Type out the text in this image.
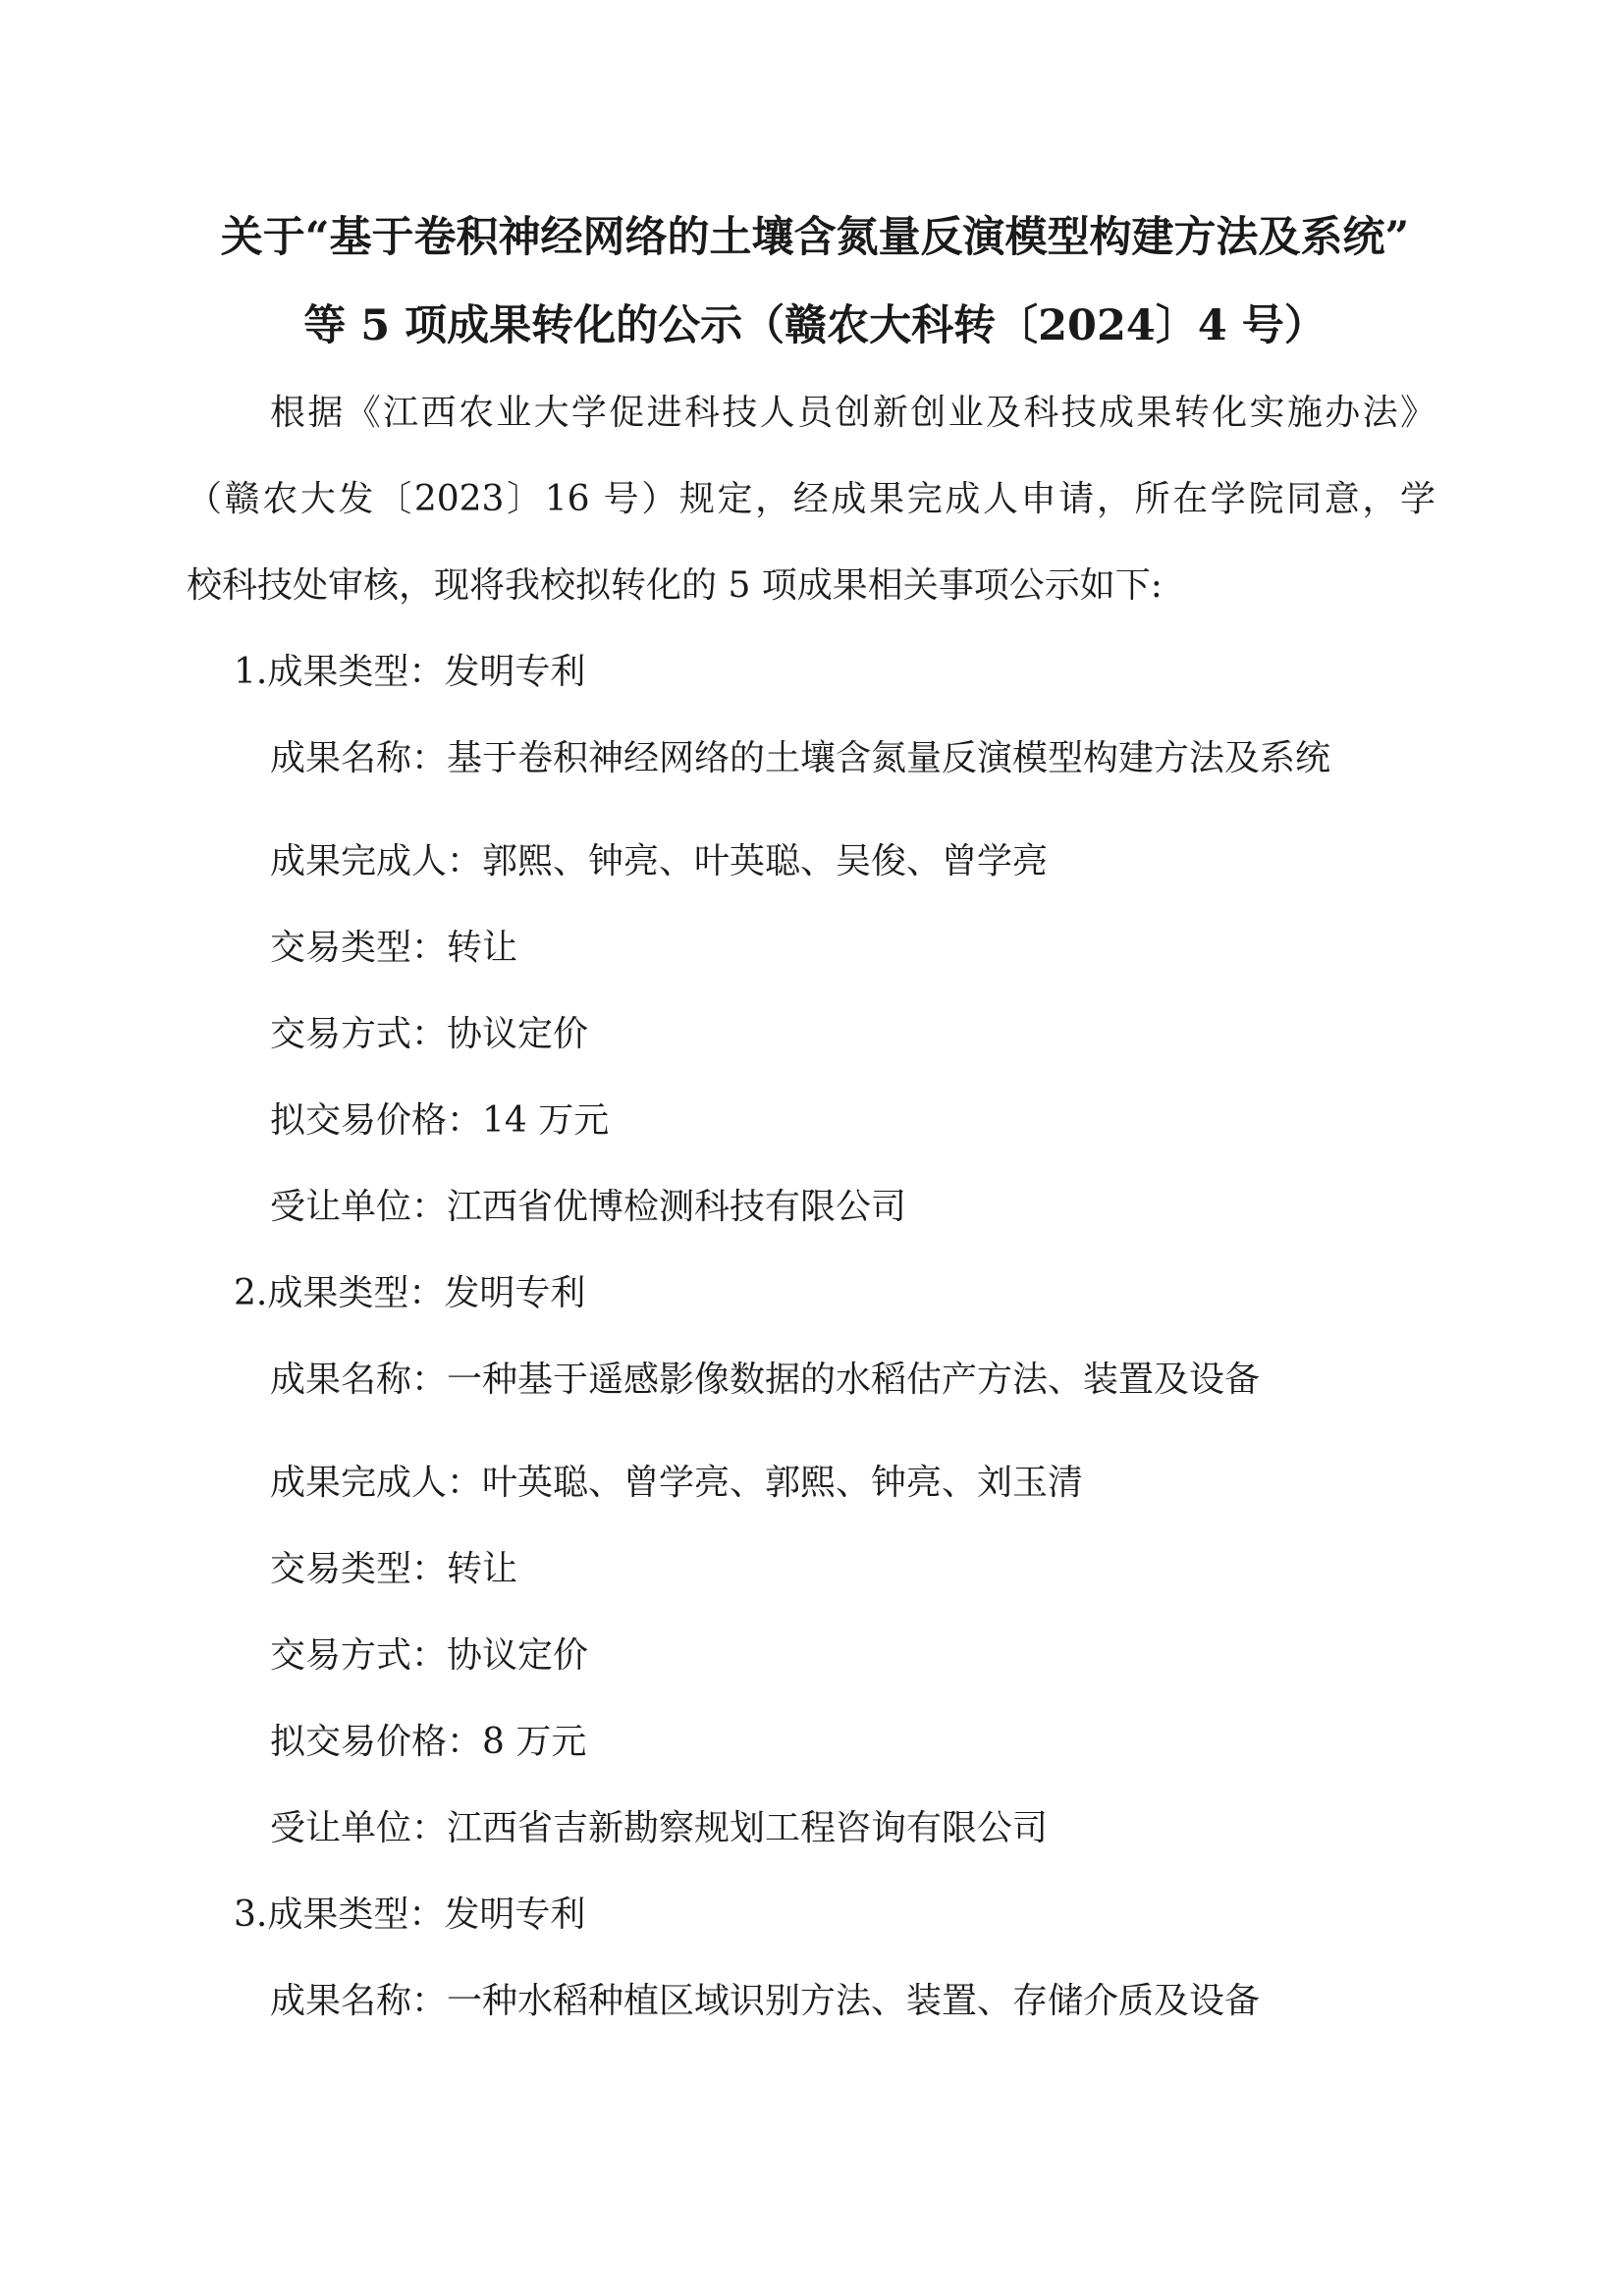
关于“基于卷积神经网络的土壤含氮量反演模型构建方法及系统”
等 5 项成果转化的公示（赣农大科转〔2024〕4 号）
根据《江西农业大学促进科技人员创新创业及科技成果转化实施办法》
（赣农大发〔2023〕16 号）规定，经成果完成人申请，所在学院同意，学
校科技处审核，现将我校拟转化的 5 项成果相关事项公示如下:
1.成果类型：发明专利
成果名称：基于卷积神经网络的土壤含氮量反演模型构建方法及系统
成果完成人：郭熙、钟亮、叶英聪、吴俊、曾学亮
交易类型：转让
交易方式：协议定价
拟交易价格：14 万元
受让单位：江西省优博检测科技有限公司
2.成果类型：发明专利
成果名称：一种基于遥感影像数据的水稻估产方法、装置及设备
成果完成人：叶英聪、曾学亮、郭熙、钟亮、刘玉清
交易类型：转让
交易方式：协议定价
拟交易价格：8 万元
受让单位：江西省吉新勘察规划工程咨询有限公司
3.成果类型：发明专利
成果名称：一种水稻种植区域识别方法、装置、存储介质及设备
